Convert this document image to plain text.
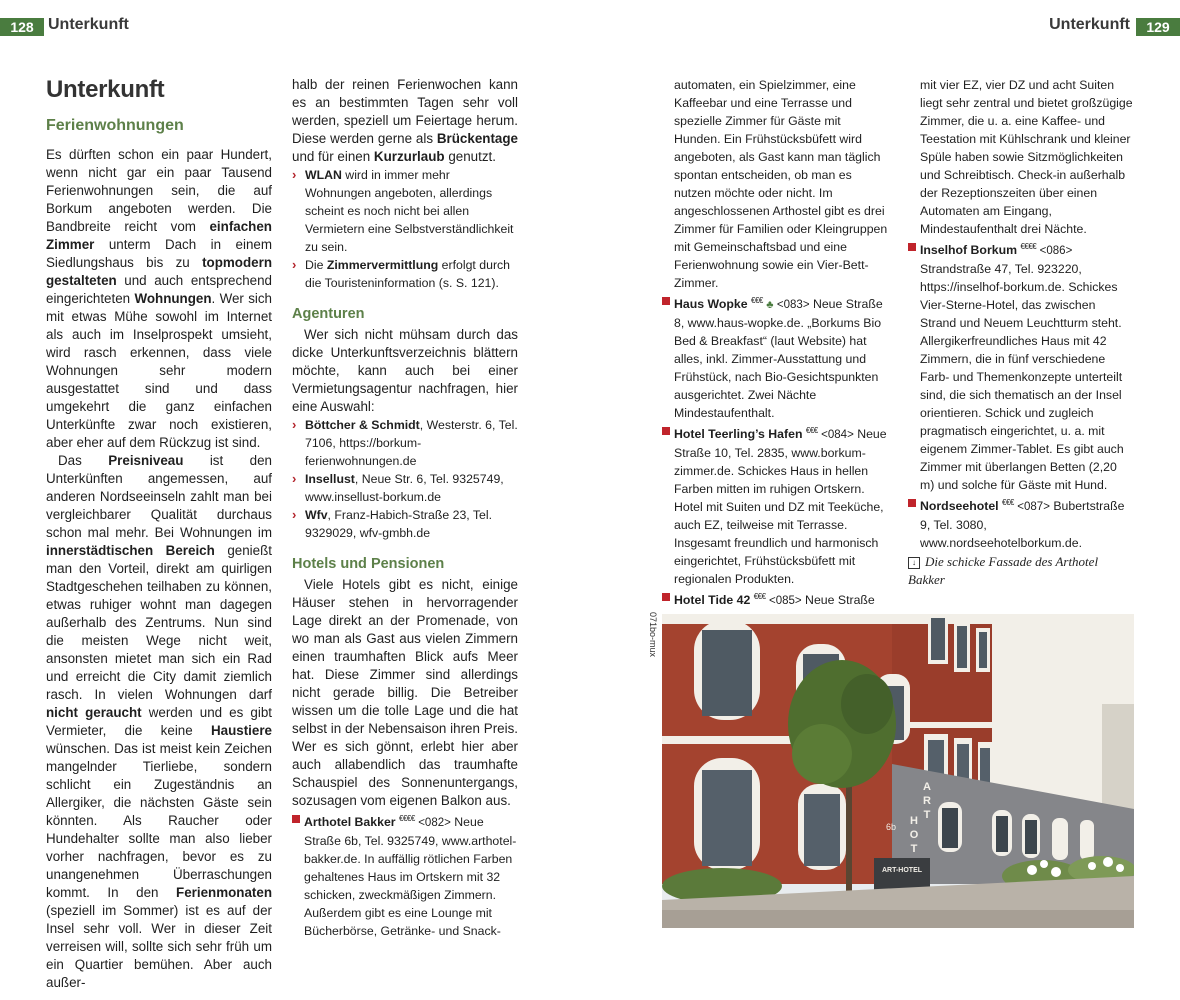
128 Unterkunft	Unterkunft	129
Unterkunft
Ferienwohnungen

Es dürften schon ein paar Hundert, wenn nicht gar ein paar Tausend Ferienwohnungen sein, die auf Borkum angeboten werden. Die Bandbreite reicht vom einfachen Zimmer unterm Dach in einem Siedlungshaus bis zu topmodern gestalteten und auch entsprechend eingerichteten Wohnungen. Wer sich mit etwas Mühe sowohl im Internet als auch im Inselprospekt umsieht, wird rasch erkennen, dass viele Wohnungen sehr modern ausgestattet sind und dass umgekehrt die ganz einfachen Unterkünfte zwar noch existieren, aber eher auf dem Rückzug ist sind.

Das Preisniveau ist den Unterkünften angemessen, auf anderen Nordseeinseln zahlt man bei vergleichbarer Qualität durchaus schon mal mehr. Bei Wohnungen im innerstädtischen Bereich genießt man den Vorteil, direkt am quirligen Stadtgeschehen teilhaben zu können, etwas ruhiger wohnt man dagegen außerhalb des Zentrums. Nun sind die meisten Wege nicht weit, ansonsten mietet man sich ein Rad und erreicht die City damit ziemlich rasch. In vielen Wohnungen darf nicht geraucht werden und es gibt Vermieter, die keine Haustiere wünschen. Das ist meist kein Zeichen mangelnder Tierliebe, sondern schlicht ein Zugeständnis an Allergiker, die nächsten Gäste sein könnten. Als Raucher oder Hundehalter sollte man also lieber vorher nachfragen, bevor es zu unangenehmen Überraschungen kommt. In den Ferienmonaten (speziell im Sommer) ist es auf der Insel sehr voll. Wer in dieser Zeit verreisen will, sollte sich sehr früh um ein Quartier bemühen. Aber auch außer-

halb der reinen Ferienwochen kann es an bestimmten Tagen sehr voll werden, speziell um Feiertage herum. Diese werden gerne als Brückentage und für einen Kurzurlaub genutzt.

› WLAN wird in immer mehr Wohnungen angeboten, allerdings scheint es noch nicht bei allen Vermietern eine Selbstverständlichkeit zu sein.
› Die Zimmervermittlung erfolgt durch die Touristeninformation (s. S. 121).
Agenturen

Wer sich nicht mühsam durch das dicke Unterkunftsverzeichnis blättern möchte, kann auch bei einer Vermietungsagentur nachfragen, hier eine Auswahl:

› Böttcher & Schmidt, Westerstr. 6, Tel. 7106, https://borkum-ferienwohnungen.de
› Insellust, Neue Str. 6, Tel. 9325749, www.insellust-borkum.de
› Wfv, Franz-Habich-Straße 23, Tel. 9329029, wfv-gmbh.de
Hotels und Pensionen

Viele Hotels gibt es nicht, einige Häuser stehen in hervorragender Lage direkt an der Promenade, von wo man als Gast aus vielen Zimmern einen traumhaften Blick aufs Meer hat. Diese Zimmer sind allerdings nicht gerade billig. Die Betreiber wissen um die tolle Lage und die hat selbst in der Nebensaison ihren Preis. Wer es sich gönnt, erlebt hier aber auch allabendlich das traumhafte Schauspiel des Sonnenuntergangs, sozusagen vom eigenen Balkon aus.

Arthotel Bakker €€€€ <082> Neue Straße 6b, Tel. 9325749, www.arthotel-bakker.de. In auffällig rötlichen Farben gehaltenes Haus im Ortskern mit 32 schicken, zweckmäßigen Zimmern. Außerdem gibt es eine Lounge mit Bücherbörse, Getränke- und Snack-
automaten, ein Spielzimmer, eine Kaffeebar und eine Terrasse und spezielle Zimmer für Gäste mit Hunden. Ein Frühstücksbüfett wird angeboten, als Gast kann man täglich spontan entscheiden, ob man es nutzen möchte oder nicht. Im angeschlossenen Arthostel gibt es drei Zimmer für Familien oder Kleingruppen mit Gemeinschaftsbad und eine Ferienwohnung sowie ein Vier-Bett-Zimmer.
Haus Wopke €€€ ♣ <083> Neue Straße 8, www.haus-wopke.de. „Borkums Bio Bed & Breakfast“ (laut Website) hat alles, inkl. Zimmer-Ausstattung und Frühstück, nach Bio-Gesichtspunkten ausgerichtet. Zwei Nächte Mindestaufenthalt.
Hotel Teerling’s Hafen €€€ <084> Neue Straße 10, Tel. 2835, www.borkum-zimmer.de. Schickes Haus in hellen Farben mitten im ruhigen Ortskern. Hotel mit Suiten und DZ mit Teeküche, auch EZ, teilweise mit Terrasse. Insgesamt freundlich und harmonisch eingerichtet, Frühstücksbüfett mit regionalen Produkten.
Hotel Tide 42 €€€ <085> Neue Straße
mit vier EZ, vier DZ und acht Suiten liegt sehr zentral und bietet großzügige Zimmer, die u. a. eine Kaffee- und Teestation mit Kühlschrank und kleiner Spüle haben sowie Sitzmöglichkeiten und Schreibtisch. Check-in außerhalb der Rezeptionszeiten über einen Automaten am Eingang, Mindestaufenthalt drei Nächte.
Inselhof Borkum €€€€ <086> Strandstraße 47, Tel. 923220, https://inselhof-borkum.de. Schickes Vier-Sterne-Hotel, das zwischen Strand und Neuem Leuchtturm steht. Allergikerfreundliches Haus mit 42 Zimmern, die in fünf verschiedene Farb- und Themenkonzepte unterteilt sind, die sich thematisch an der Insel orientieren. Schick und zugleich pragmatisch eingerichtet, u. a. mit eigenem Zimmer-Tablet. Es gibt auch Zimmer mit überlangen Betten (2,20 m) und solche für Gäste mit Hund.
Nordseehotel €€€ <087> Bubertstraße 9, Tel. 3080, www.nordseehotelborkum.de.
↓ Die schicke Fassade des Arthotel Bakker
071bo-mux
A
R
T
H
O
T
6b
ART-HOTEL
